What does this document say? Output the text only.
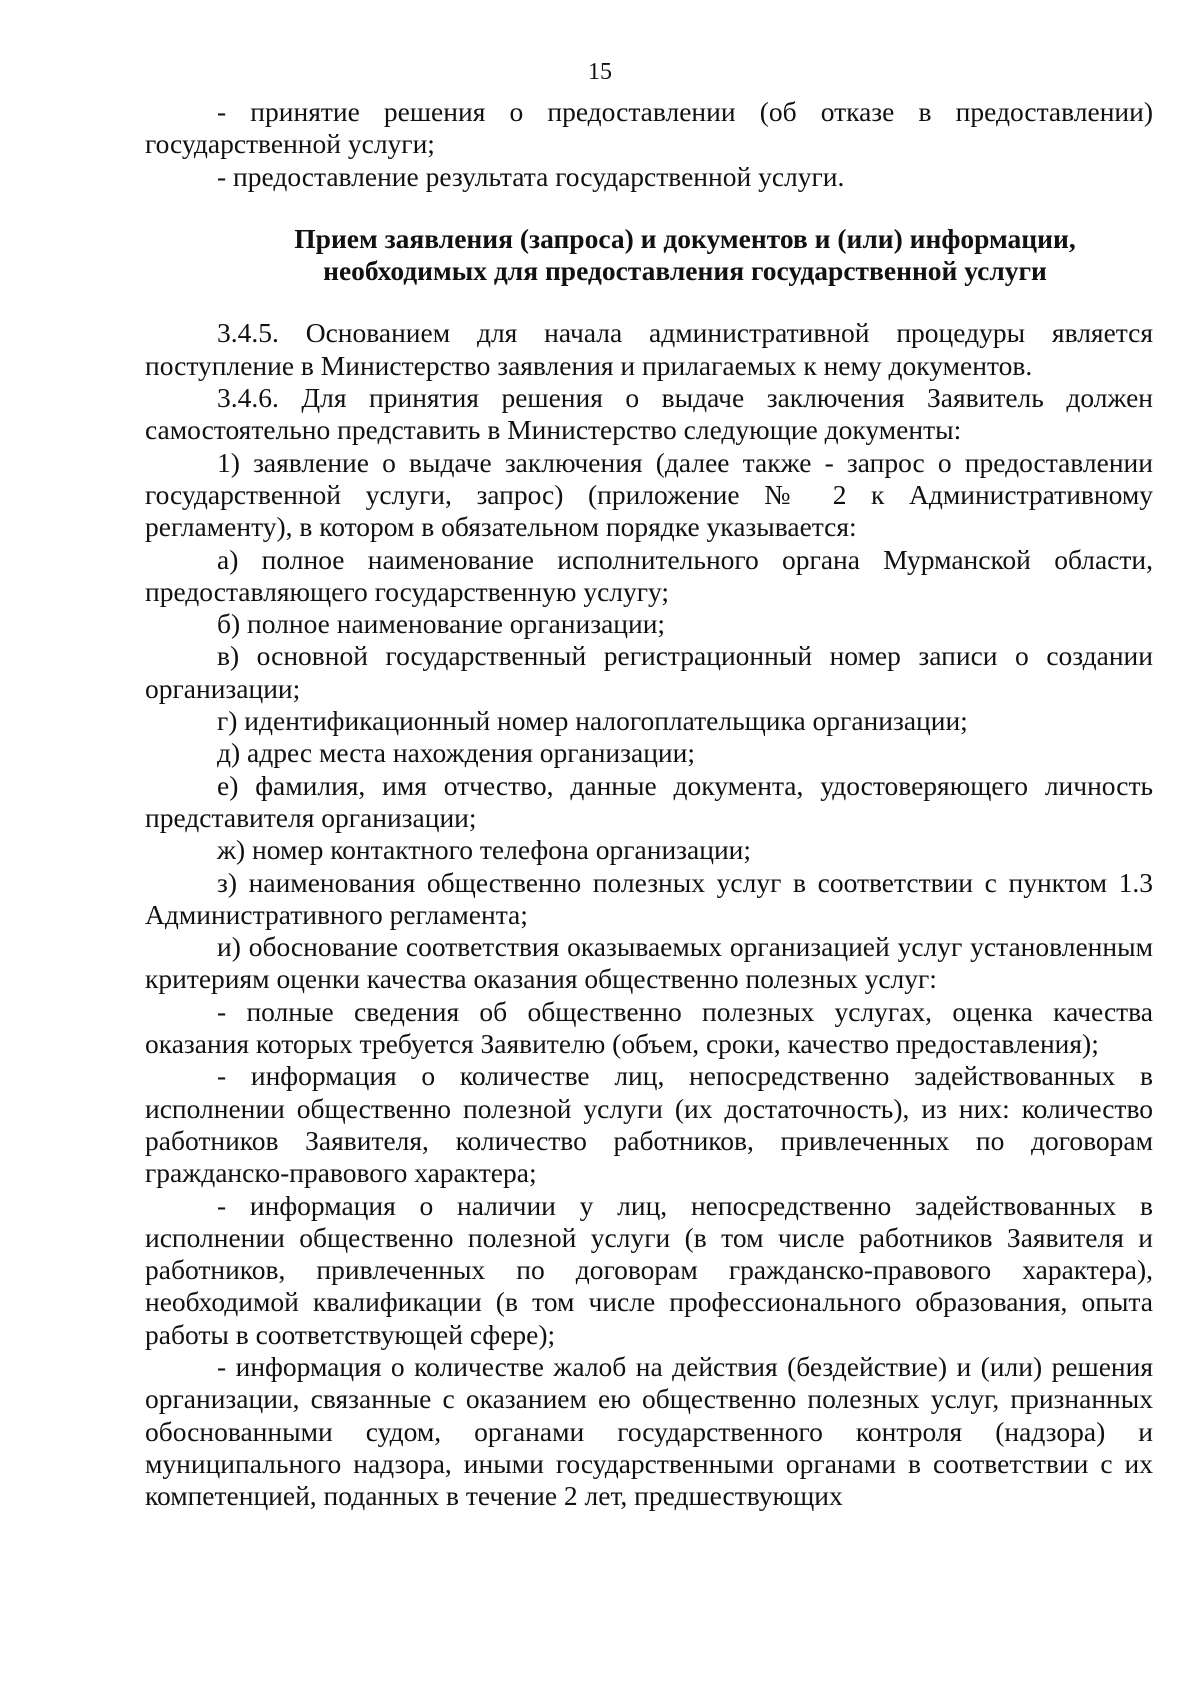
15

- принятие решения о предоставлении (об отказе в предоставлении) государственной услуги;

- предоставление результата государственной услуги.

Прием заявления (запроса) и документов и (или) информации,
необходимых для предоставления государственной услуги

3.4.5. Основанием для начала административной процедуры является поступление в Министерство заявления и прилагаемых к нему документов.

3.4.6. Для принятия решения о выдаче заключения Заявитель должен самостоятельно представить в Министерство следующие документы:

1) заявление о выдаче заключения (далее также - запрос о предоставлении государственной услуги, запрос) (приложение № 2 к Административному регламенту), в котором в обязательном порядке указывается:

а) полное наименование исполнительного органа Мурманской области, предоставляющего государственную услугу;

б) полное наименование организации;

в) основной государственный регистрационный номер записи о создании организации;

г) идентификационный номер налогоплательщика организации;

д) адрес места нахождения организации;

е) фамилия, имя отчество, данные документа, удостоверяющего личность представителя организации;

ж) номер контактного телефона организации;

з) наименования общественно полезных услуг в соответствии с пунктом 1.3 Административного регламента;

и) обоснование соответствия оказываемых организацией услуг установленным критериям оценки качества оказания общественно полезных услуг:

- полные сведения об общественно полезных услугах, оценка качества оказания которых требуется Заявителю (объем, сроки, качество предоставления);

- информация о количестве лиц, непосредственно задействованных в исполнении общественно полезной услуги (их достаточность), из них: количество работников Заявителя, количество работников, привлеченных по договорам гражданско-правового характера;

- информация о наличии у лиц, непосредственно задействованных в исполнении общественно полезной услуги (в том числе работников Заявителя и работников, привлеченных по договорам гражданско-правового характера), необходимой квалификации (в том числе профессионального образования, опыта работы в соответствующей сфере);

- информация о количестве жалоб на действия (бездействие) и (или) решения организации, связанные с оказанием ею общественно полезных услуг, признанных обоснованными судом, органами государственного контроля (надзора) и муниципального надзора, иными государственными органами в соответствии с их компетенцией, поданных в течение 2 лет, предшествующих
